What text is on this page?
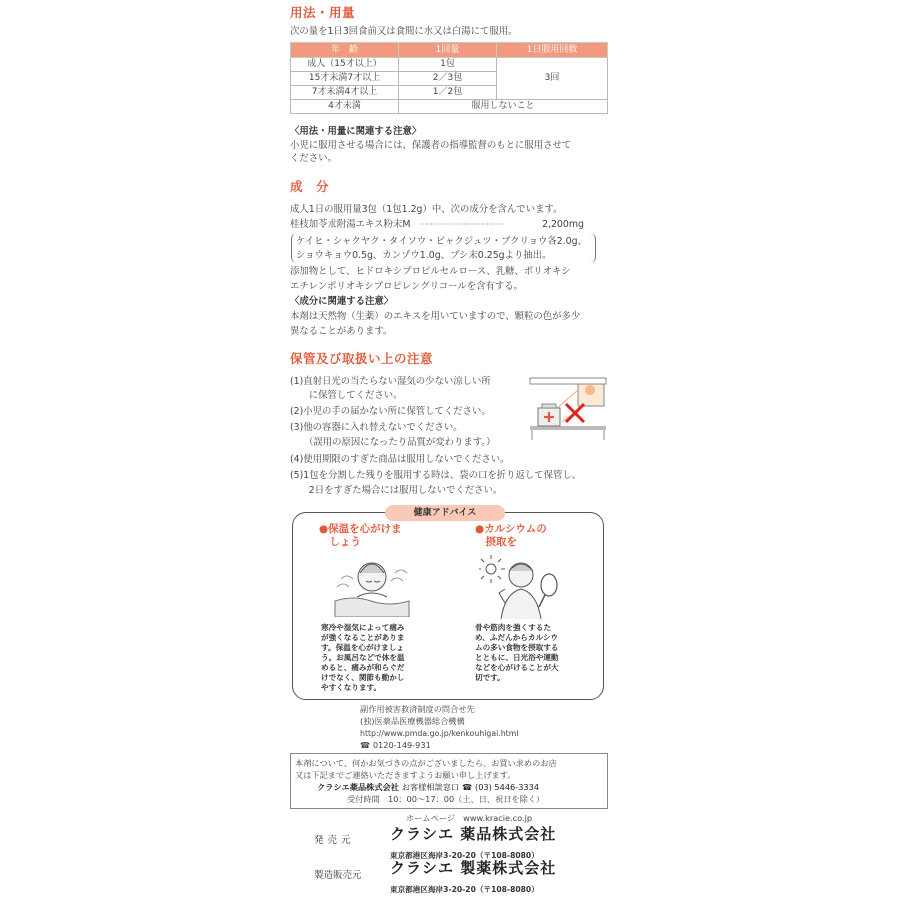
用法・用量
次の量を1日3回食前又は食間に水又は白湯にて服用。
年　齢	1回量	1日服用回数
成人（15才以上）	1包	3回
15才未満7才以上	2／3包	
7才未満4才以上	1／2包	
4才未満	服用しないこと	
〈用法・用量に関連する注意〉
小児に服用させる場合には、保護者の指導監督のもとに服用させて
ください。
成　分
成人1日の服用量3包（1包1.2g）中、次の成分を含んでいます。
桂枝加苓朮附湯エキス粉末M ·································	2,200mg
ケイヒ・シャクヤク・タイソウ・ビャクジュツ・ブクリョウ各2.0g、
ショウキョウ0.5g、カンゾウ1.0g、ブシ末0.25gより抽出。
添加物として、ヒドロキシプロピルセルロース、乳糖、ポリオキシ
エチレンポリオキシプロピレングリコールを含有する。
〈成分に関連する注意〉
本剤は天然物（生薬）のエキスを用いていますので、顆粒の色が多少
異なることがあります。
保管及び取扱い上の注意
(1)直射日光の当たらない湿気の少ない涼しい所
　　に保管してください。
(2)小児の手の届かない所に保管してください。
(3)他の容器に入れ替えないでください。
　　（誤用の原因になったり品質が変わります。）
(4)使用期限のすぎた商品は服用しないでください。
(5)1包を分割した残りを服用する時は、袋の口を折り返して保管し、
　　2日をすぎた場合には服用しないでください。
健康アドバイス
●保温を心がけま
　しょう
寒冷や湿気によって痛み
が強くなることがありま
す。保温を心がけましょ
う。お風呂などで体を温
めると、痛みが和らぐだ
けでなく、関節も動かし
やすくなります。
●カルシウムの
　摂取を
骨や筋肉を強くするた
め、ふだんからカルシウ
ムの多い食物を摂取する
とともに、日光浴や運動
などを心がけることが大
切です。
副作用被害救済制度の問合せ先
(独)医薬品医療機器総合機構
http://www.pmda.go.jp/kenkouhigai.html
☎ 0120-149-931
本剤について、何かお気づきの点がございましたら、お買い求めのお店
又は下記までご連絡いただきますようお願い申し上げます。
クラシエ薬品株式会社 お客様相談窓口 ☎ (03) 5446-3334
受付時間　10：00〜17：00（土、日、祝日を除く）
ホームページ　www.kracie.co.jp
発売元 クラシエ 薬品株式会社
東京都港区海岸3-20-20（〒108-8080）
製造販売元 クラシエ 製薬株式会社
東京都港区海岸3-20-20（〒108-8080）
